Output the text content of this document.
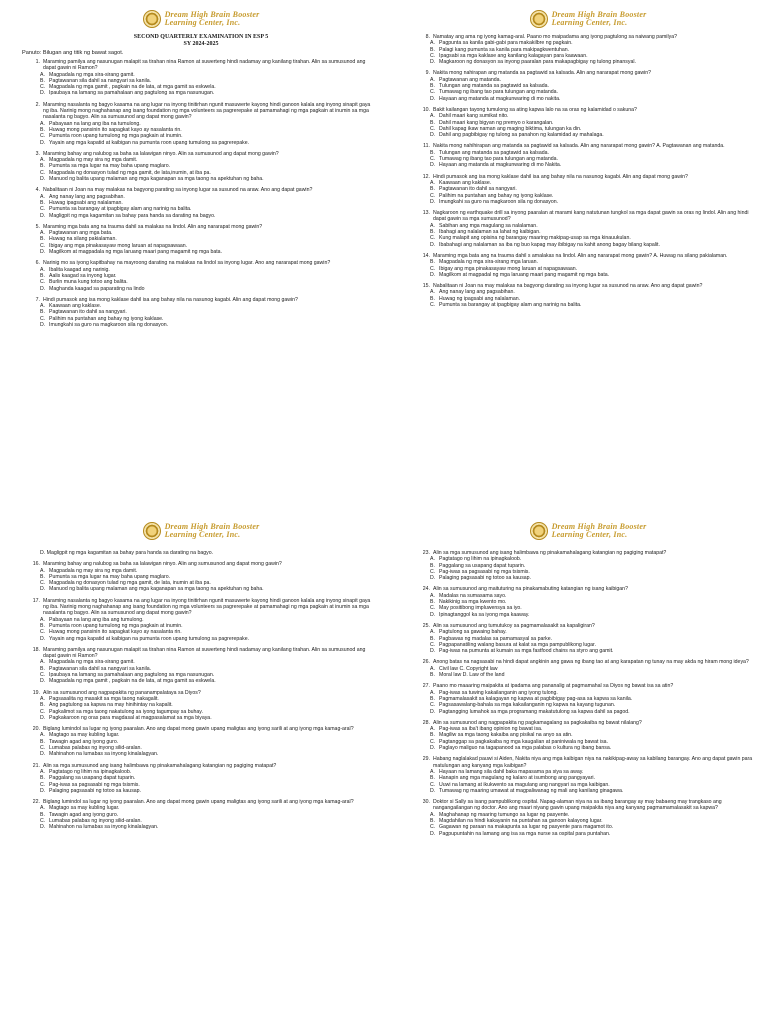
Dream High Brain Booster
Learning Center, Inc.
SECOND QUARTERLY EXAMINATION IN ESP 5
SY 2024-2025
Panuto: Bilugan ang titik ng bawat sagot.
1. Maraming pamilya ang nasunugan malapit sa tirahan nina Ramon at suwerteng hindi nadamay ang kanilang tirahan. Alin sa sumusunod ang dapat gawin ni Ramon?
A. Magpadala ng mga sira-sirang gamit.
B. Pagtawanan sila dahil sa nangyari sa kanila.
C. Magpadala ng mga gamit , pagkain na de lata, at mga gamit sa eskwela.
D. Ipaubaya na lamang sa pamahalaan ang pagtulong sa mga nasunugan.
2. Maraming nasalanta ng bagyo kasama na ang lugar na inyong tinitirhan ngunit masuwerte kayong hindi ganoon kalala ang inyong sinapit gaya ng iba. Narinig mong naghahanap ang isang foundation ng mga volunteers sa pagrerepake at pamamahagi ng mga pagkain at inumin sa mga nasalanta ng bagyo. Alin sa sumusunod ang dapat mong gawin?
A. Pabayaan na lang ang iba na tumulong.
B. Huwag mong pansinin ito sapagkat kayo ay nasalanta rin.
C. Pumunta roon upang tumulong ng mga pagkain at inumin.
D. Yayain ang mga kapatid at kaibigan na pumunta roon upang tumulong sa pagrerepake.
3. Maraming bahay ang nalubog sa baha sa lalawigan ninyo. Alin sa sumusunod ang dapat mong gawin?
A. Magpadala ng may sira ng mga damit.
B. Pumunta sa mga lugar na may baha upang maglaro.
C. Magpadala ng donasyon tulad ng mga gamit, de lata,inumin, at iba pa.
D. Manuod ng balita upang malaman ang mga kaganapan sa mga taong na apektuhan ng baha.
4. Nabalitaan ni Joan na may malakas na bagyong parating sa inyong lugar sa susunod na araw. Ano ang dapat gawin?
A. Ang nanay lang ang pagsabihan.
B. Huwag ipagsabi ang nalalaman.
C. Pumunta sa barangay at ipagbigay alam ang narinig na balita.
D. Magligpit ng mga kagamitan sa bahay para handa sa darating na bagyo.
5. Maraming mga bata ang na trauma dahil sa malakas na lindol. Alin ang nararapat mong gawin?
A. Pagtawanan ang mga bata.
B. Huwag na silang pakialaman.
C. Ibigay ang mga pinakasayaw mong laruan at napagsawaan.
D. Magilkom at magpadala ng mga laruang maari pang magamit ng mga bata.
6. Narinig mo sa iyong kapitbahay na mayroong darating na malakas na lindol sa inyong lugar. Ano ang nararapat mong gawin?
A. Ibalita kaagad ang narinig.
B. Aalis kaagad sa inyong lugar.
C. Burlin muna kung totoo ang balita.
D. Maghanda kaagad sa paparating na lindo
7. Hindi pumasok ang isa mong kaklase dahil isa ang bahay nila na nasunog kagabi. Alin ang dapat mong gawin?
A. Kaawaan ang kaklase.
B. Pagtawanan ito dahil sa nangyari.
C. Palihim na puntahan ang bahay ng iyong kaklase.
D. Imungkahi sa guro na magkaroon sila ng donasyon.
Dream High Brain Booster
Learning Center, Inc.
8. Namatay ang ama ng iyong kamag-aral. Paano mo maipadama ang iyong pagtulong sa naiwang pamilya?
A. Pagpunta sa kanila gabi-gabi para makakilbre ng pagkain.
B. Palagi kang pumunta sa kanila para makipagkwentuhan.
C. Ipagsabi sa mga kaklase ang kanilang kalagayan para kaawaan.
D. Magkaroon ng donasyon sa inyong paaralan para makapagbigay ng tulong pinansyal.
9. Nakita mong nahirapan ang matanda sa pagtawid sa kalsada. Alin ang nararapat mong gawin?
A. Pagtawanan ang matanda.
B. Tulungan ang matanda sa pagtawid sa kalsada.
C. Tumawag ng ibang tao para tulungan ang matanda.
D. Hayaan ang matanda at magkunwaring di mo nakita.
10. Bakit kailangan tayong tumulong sa ating kapwa lalo na sa oras ng kalamidad o sakuna?
A. Dahil maari kang sumikat nito.
B. Dahil maari kang bigyan ng premyo o karangalan.
C. Dahil kapag ikaw naman ang maging biktima, tulungan ka din.
D. Dahil ang pagbibigay ng tulong sa panahon ng kalamidad ay mahalaga.
11. Nakita mong nahihirapan ang matanda sa pagtawid sa kalsada. Alin ang nararapat mong gawin? A. Pagtawanan ang matanda.
B. Tulungan ang matanda sa pagtawid sa kalsada.
C. Tumawag ng ibang tao para tulungan ang matanda.
D. Hayaan ang matanda at magkunwaring di mo Nakita.
12. Hindi pumasok ang isa mong kaklase dahil isa ang bahay nila na nasunog kagabi. Alin ang dapat mong gawin?
A. Kaawaan ang kaklase.
B. Pagtawanan ito dahil sa nangyari.
C. Palihim na puntahan ang bahay ng iyong kaklase.
D. Imungkahi sa guro na magkaroon sila ng donasyon.
13. Nagkaroon ng earthquake drill sa inyong paaralan at marami kang natutunan tungkol sa mga dapat gawin sa oras ng lindol. Alin ang hindi dapat gawin sa mga sumusunod?
A. Sabihan ang mga magulang sa nalalaman.
B. Ibahagi ang nalalaman sa lahat ng kaibigan.
C. Kung malapit ang opisina ng barangay maaring makipag-usap sa mga kinauukulan.
D. Ibabahagi ang nalalaman sa iba ng buo kapag may ibibigay na kahit anong bagay bilang kapalit.
14. Maraming mga bata ang na trauma dahil s amalakas na lindol. Alin ang nararapat mong gawin? A. Huwag na silang pakialaman.
B. Magpadala ng mga sira-sirang mga laruan.
C. Ibigay ang mga pinakasayaw mong laruan at napagsawaan.
D. Magilkom at magpadal ng mga laruang maari pang magamit ng mga bata.
15. Nabalitaan ni Joan na may malakas na bagyong darating sa inyong lugar sa susunod na araw. Ano ang dapat gawin?
A. Ang nanay lang ang pagsabihan.
B. Huwag ng ipagsabi ang nalalaman.
C. Pumunta sa barangay at ipagbigay alam ang narinig na balita.
Dream High Brain Booster
Learning Center, Inc.
D. Magligpit ng mga kagamitan sa bahay para handa sa darating na bagyo.
16. Maraming bahay ang nalubog sa baha sa lalawigan ninyo. Alin ang sumusunod ang dapat mong gawin?
A. Magpadala ng may sira ng mga damit.
B. Pumunta sa mga lugar na may baha upang maglaro.
C. Magpadala ng donasyon tulad ng mga gamit, de lata, inumin at iba pa.
D. Manuod ng balita upang malaman ang mga kaganapan sa mga taong na apektuhan ng baha.
17. Maraming nasalanta ng bagyo kasama na ang lugar na inyong tinitirhan ngunit masuwerte kayong hindi ganoon kalala ang inyong sinapit gaya ng iba. Narinig mong naghahanap ang isang foundation ng mga volunteers sa pagrerepake at pamamahagi ng mga pagkain at inumin sa mga nasalanta ng bagyo. Alin sa sumusunod ang dapat mong gawin?
A. Pabayaan na lang ang iba ang tumulong.
B. Pumunta roon upang tumulong ng mga pagkain at inumin.
C. Huwag mong pansinin ito sapagkat kayo ay nasalanta rin.
D. Yayain ang mga kapatid at kaibigan na pumunta roon upang tumulong sa pagrerepake.
18. Maraming pamilya ang nasunugan malapit sa tirahan nina Ramon at suwerteng hindi nadamay ang kanilang tirahan. Alin sa sumusunod ang dapat gawin ni Ramon?
A. Magpadala ng mga sira-sirang gamit.
B. Pagtawanan sila dahil sa nangyari sa kanila.
C. Ipaubaya na lamang sa pamahalaan ang pagtulong sa mga nasunugan.
D. Magpadala ng mga gamit , pagkain na de lata, at mga gamit sa eskwela.
19. Alin sa sumusunod ang nagpapakita ng pananampalataya sa Diyos?
A. Pagsasalita ng masakit sa mga taong nakagalit.
B. Ang pagtulong sa kapwa na may hinihintay na kapalit.
C. Pagkalimot sa mga taong nakatulong sa iyong tagumpay sa buhay.
D. Pagkakaroon ng oras para magdasal at magpasalamat sa mga biyaya.
20. Biglang lumindol sa lugar ng iyong paaralan. Ano ang dapat mong gawin upang maligtas ang iyong sarili at ang iyong mga kamag-aral?
A. Magtago sa may kubling lugar.
B. Tawagin agad ang iyong guro.
C. Lumabas palabas ng inyong silid-aralan.
D. Mahinahon na lumabas sa inyong kinalalagyan.
21. Alin sa mga sumusunod ang isang halimbawa ng pinakamahalagang katangian ng pagiging matapat?
A. Pagtatago ng lihim na ipinagkaloob.
B. Paggalang sa usapang dapat tuparin.
C. Pag-iwas sa pagsasabi ng mga tsismis.
D. Palaging pagsasabi ng totoo sa kausap.
22. Biglang lumindol sa lugar ng iyong paaralan. Ano ang dapat mong gawin upang maligtas ang iyong sarili at ang iyong mga kamag-aral?
A. Magtago sa may kubling lugar.
B. Tawagin agad ang iyong guro.
C. Lumabas palabas ng inyong silid-aralan.
D. Mahinahon na lumabas sa inyong kinalalagyan.
Dream High Brain Booster
Learning Center, Inc.
23. Alin sa mga sumusunod ang isang halimbawa ng pinakamahalagang katangian ng pagiging matapat?
A. Pagtatago ng lihim na ipinagkaloob.
B. Paggalang sa usapang dapat tuparin.
C. Pag-iwas sa pagsasabi ng mga tsismis.
D. Palaging pagsasabi ng totoo sa kausap.
24. Alin sa sumusunod ang maituturing na pinakamabuting katangian ng isang kaibigan?
A. Madalas na sumasama sayo.
B. Nakikinig sa mga kwento mo.
C. May positibong impluwensya sa iyo.
D. Ipinagtanggol ka sa iyong mga kaaway.
25. Alin sa sumusunod ang tumutukoy sa pagmamalasakit sa kapaligiran?
A. Pagtulong sa gawaing bahay.
B. Pagbawas ng madalas sa pamamasyal sa parke.
C. Pagpapanatiling walang basura at kalat sa mga pampublikong lugar.
D. Pag-iwas na pumunta at kumain sa mga fastfood chains na styro ang gamit.
26. Anong batas na nagsasabi na hindi dapat angkinin ang gawa ng ibang tao at ang karapatan ng tunay na may akda ng hiram mong ideya?
A. Civil law C. Copyright law
B. Moral law D. Law of the land
27. Paano mo maaaring maipakita at ipadama ang pananalig at pagmamahal sa Diyos ng bawat isa sa atin?
A. Pag-iwas sa tuwing kakailanganin ang iyong tulong.
B. Pagmamalasakit sa kalagayan ng kapwa at pagbibigay pag-asa sa kapwa sa kanila.
C. Pagsasawalang-bahala sa mga kakailanganin ng kapwa na kayang tugunan.
D. Pagtangging lumahok sa mga programang makatutulong sa kapwa dahil sa pagod.
28. Alin sa sumusunod ang nagpapakita ng pagkamagalang sa pagkakaiba ng bawat nilalang?
A. Pag-iwas sa iba't ibang opinion ng bawat isa.
B. Magiliw sa mga taong kakaiba ang pisikal na anyo sa atin.
C. Pagtanggap sa pagkakaiba ng mga kaugalian at paniniwala ng bawat isa.
D. Paglayo maliguo na tagapanood sa mga palabas o kultura ng ibang bansa.
29. Habang naglalakad pauwi si Aiden, Nakita niya ang mga kaibigan niya na nakikipag-away sa kabilang barangay. Ano ang dapat gawin para matulungan ang kanyang mga kaibigan?
A. Hayaan na lamang sila dahil baka mapasama pa siya sa away.
B. Hanapin ang mga magulang ng kalaro at isumbong ang pangyayari.
C. Uuwi na lamang at ikukwento sa magulang ang nangyari sa mga kaibigan.
D. Tumawag ng maaring umawat at magpaliwanag ng mali ang kanilang ginagawa.
30. Doktor si Sally sa isang pampublikong ospital. Napag-alaman niya na sa ibang barangay ay may babaeng may trangkaso ang nangangailangan ng doctor. Ano ang maari niyang gawin upang maipakita niya ang kanyang pagmamamalasakit sa kapwa?
A. Maghahanap ng maaring tumungo sa lugar ng pasyente.
B. Magdahilan na hindi kakayanin na puntahan sa ganoon kalayong lugar.
C. Gagawan ng paraan na makapunta sa lugar ng pasyente para magamot ito.
D. Pagpupuntahin na lamang ang isa sa mga nurse sa ospital para puntahan.
